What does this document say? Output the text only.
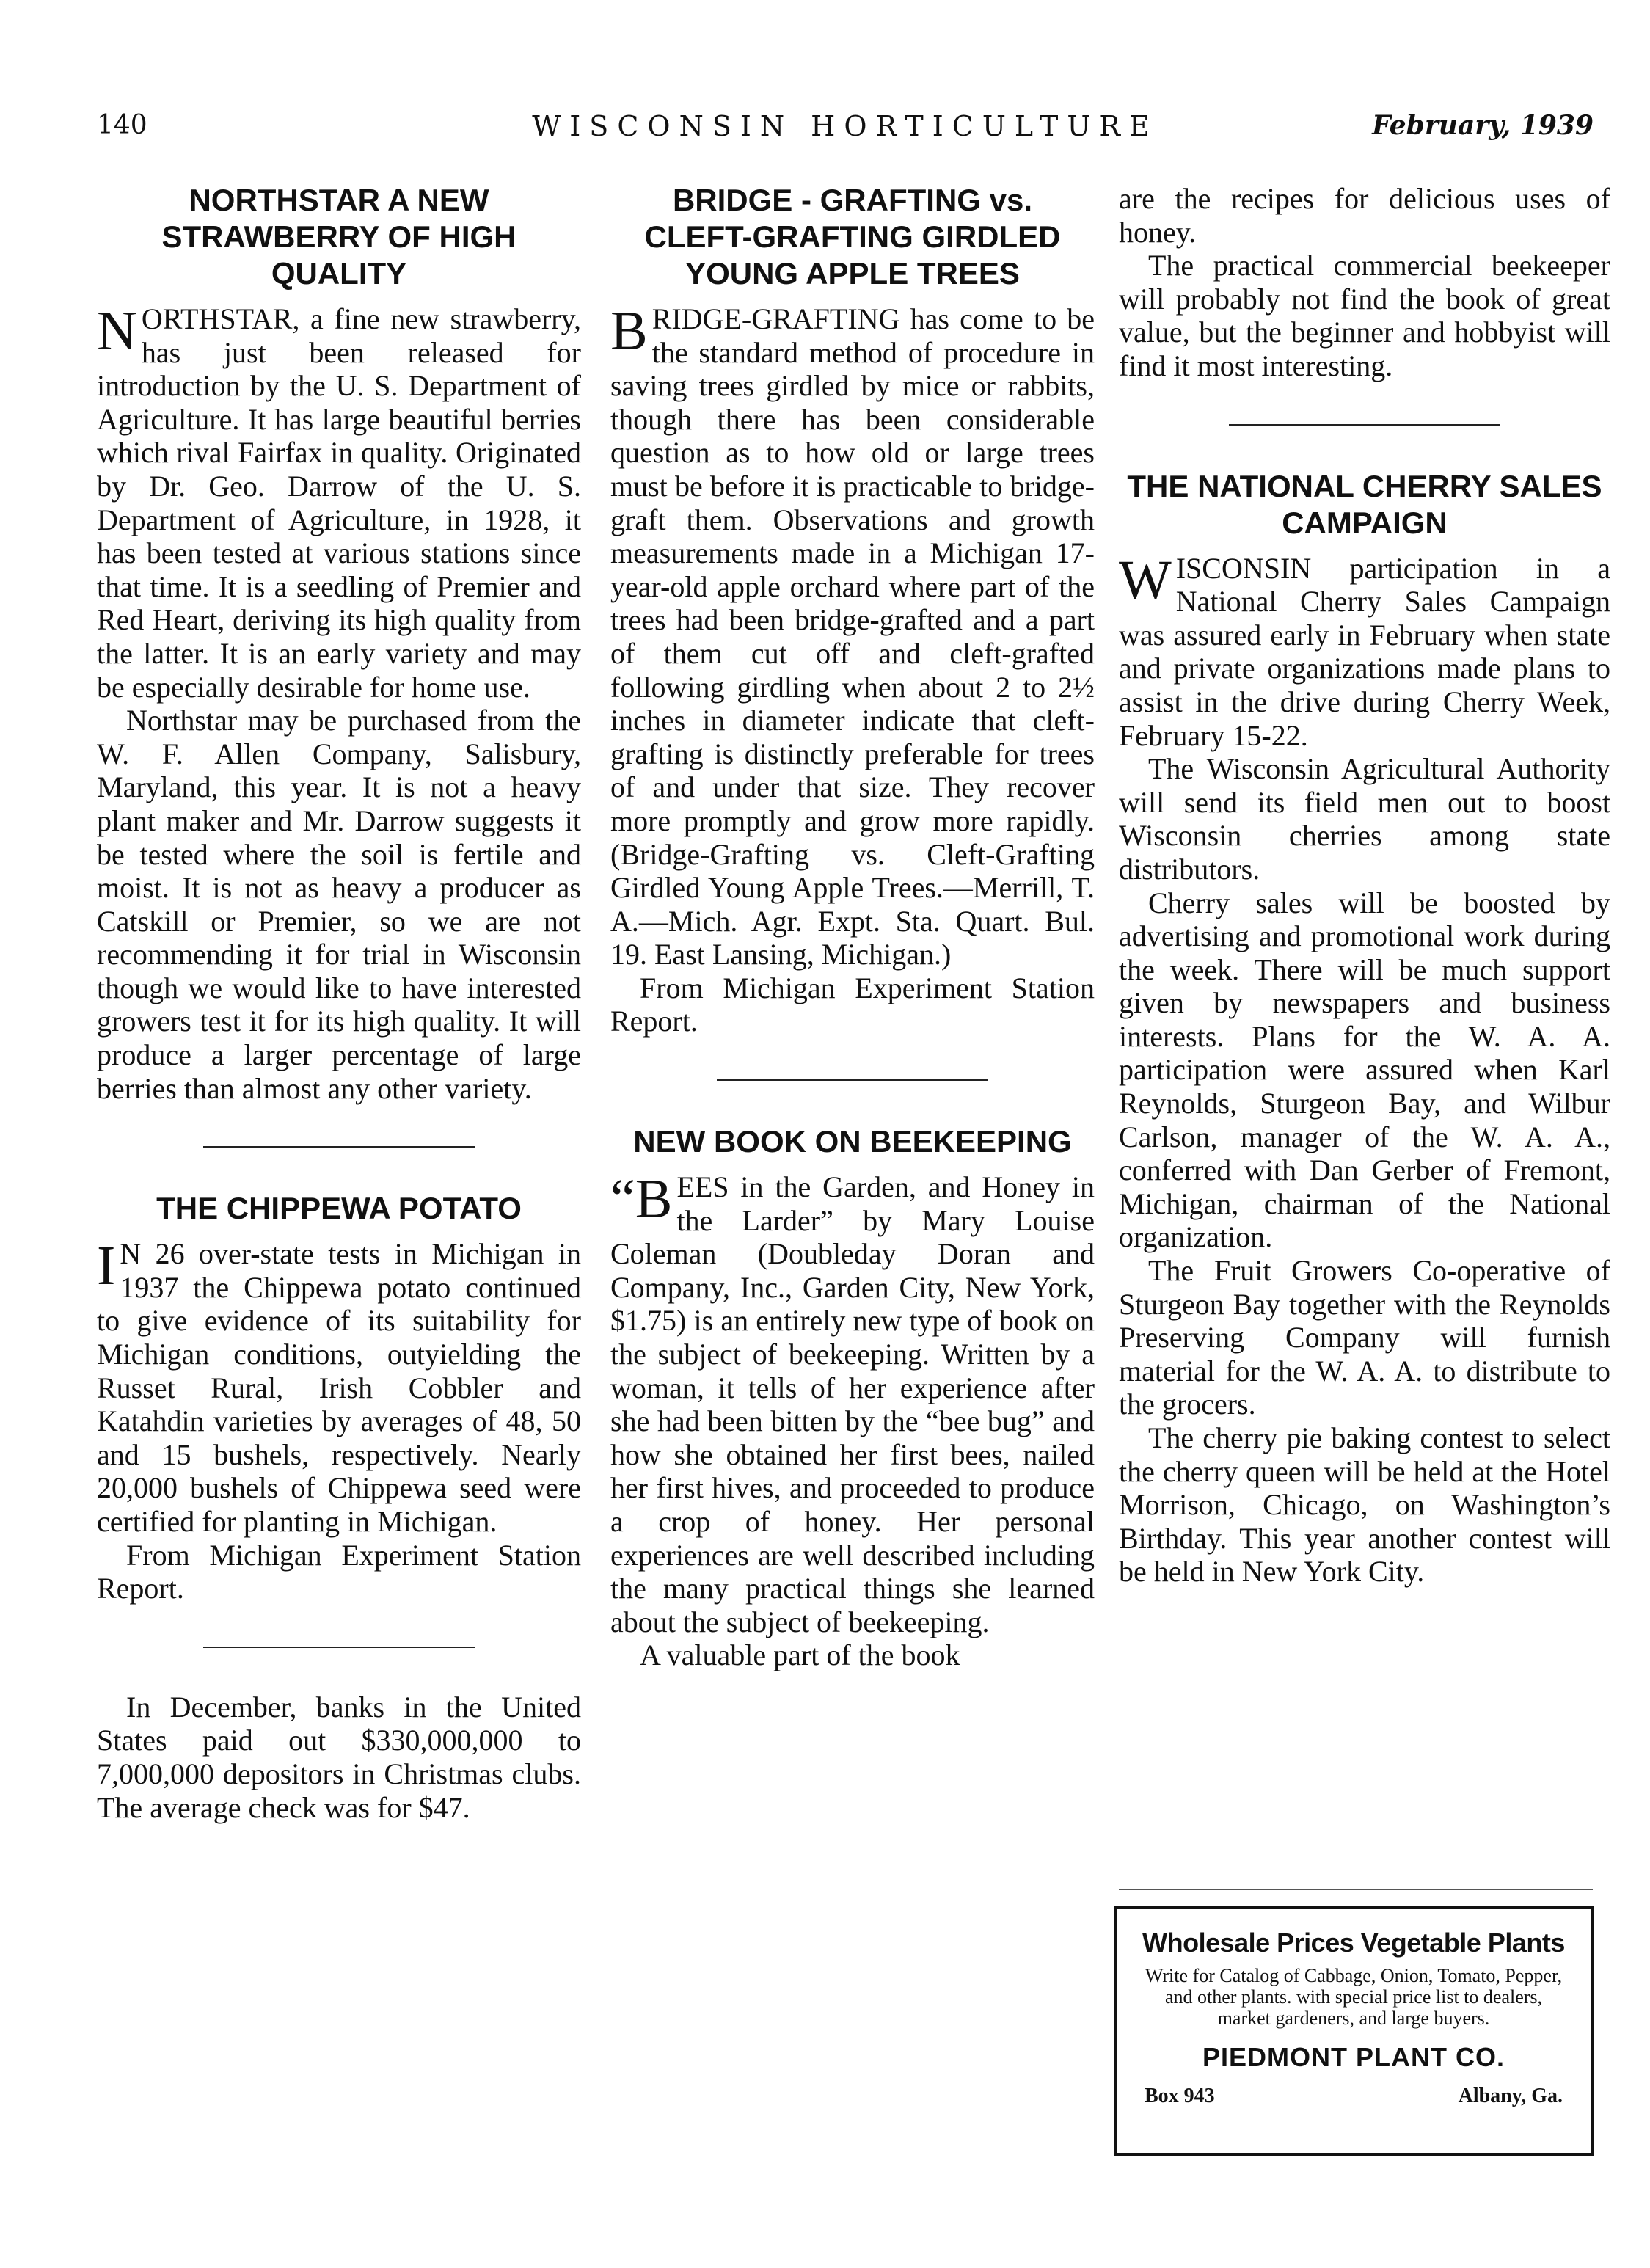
140	WISCONSIN HORTICULTURE	February, 1939
NORTHSTAR A NEW STRAWBERRY OF HIGH QUALITY

NORTHSTAR, a fine new strawberry, has just been released for introduction by the U. S. Department of Agriculture. It has large beautiful berries which rival Fairfax in quality. Originated by Dr. Geo. Darrow of the U. S. Department of Agriculture, in 1928, it has been tested at various stations since that time. It is a seedling of Premier and Red Heart, deriving its high quality from the latter. It is an early variety and may be especially desirable for home use.

Northstar may be purchased from the W. F. Allen Company, Salisbury, Maryland, this year. It is not a heavy plant maker and Mr. Darrow suggests it be tested where the soil is fertile and moist. It is not as heavy a producer as Catskill or Premier, so we are not recommending it for trial in Wisconsin though we would like to have interested growers test it for its high quality. It will produce a larger percentage of large berries than almost any other variety.

THE CHIPPEWA POTATO

I N 26 over-state tests in Michigan in 1937 the Chippewa potato continued to give evidence of its suitability for Michigan conditions, outyielding the Russet Rural, Irish Cobbler and Katahdin varieties by averages of 48, 50 and 15 bushels, respectively. Nearly 20,000 bushels of Chippewa seed were certified for planting in Michigan.

From Michigan Experiment Station Report.

In December, banks in the United States paid out $330,000,000 to 7,000,000 depositors in Christmas clubs. The average check was for $47.

BRIDGE - GRAFTING vs. CLEFT-GRAFTING GIRDLED YOUNG APPLE TREES

BRIDGE-GRAFTING has come to be the standard method of procedure in saving trees girdled by mice or rabbits, though there has been considerable question as to how old or large trees must be before it is practicable to bridge-graft them. Observations and growth measurements made in a Michigan 17-year-old apple orchard where part of the trees had been bridge-grafted and a part of them cut off and cleft-grafted following girdling when about 2 to 2½ inches in diameter indicate that cleft-grafting is distinctly preferable for trees of and under that size. They recover more promptly and grow more rapidly. (Bridge-Grafting vs. Cleft-Grafting Girdled Young Apple Trees.—Merrill, T. A.—Mich. Agr. Expt. Sta. Quart. Bul. 19. East Lansing, Michigan.)

From Michigan Experiment Station Report.

NEW BOOK ON BEEKEEPING

“BEES in the Garden, and Honey in the Larder” by Mary Louise Coleman (Doubleday Doran and Company, Inc., Garden City, New York, $1.75) is an entirely new type of book on the subject of beekeeping. Written by a woman, it tells of her experience after she had been bitten by the “bee bug” and how she obtained her first bees, nailed her first hives, and proceeded to produce a crop of honey. Her personal experiences are well described including the many practical things she learned about the subject of beekeeping.

A valuable part of the book

are the recipes for delicious uses of honey.

The practical commercial beekeeper will probably not find the book of great value, but the beginner and hobbyist will find it most interesting.

THE NATIONAL CHERRY SALES CAMPAIGN

WISCONSIN participation in a National Cherry Sales Campaign was assured early in February when state and private organizations made plans to assist in the drive during Cherry Week, February 15-22.

The Wisconsin Agricultural Authority will send its field men out to boost Wisconsin cherries among state distributors.

Cherry sales will be boosted by advertising and promotional work during the week. There will be much support given by newspapers and business interests. Plans for the W. A. A. participation were assured when Karl Reynolds, Sturgeon Bay, and Wilbur Carlson, manager of the W. A. A., conferred with Dan Gerber of Fremont, Michigan, chairman of the National organization.

The Fruit Growers Co-operative of Sturgeon Bay together with the Reynolds Preserving Company will furnish material for the W. A. A. to distribute to the grocers.

The cherry pie baking contest to select the cherry queen will be held at the Hotel Morrison, Chicago, on Washington’s Birthday. This year another contest will be held in New York City.

Wholesale Prices Vegetable Plants
Write for Catalog of Cabbage, Onion, Tomato, Pepper, and other plants. with special price list to dealers, market gardeners, and large buyers.
PIEDMONT PLANT CO.
Box 943	Albany, Ga.
